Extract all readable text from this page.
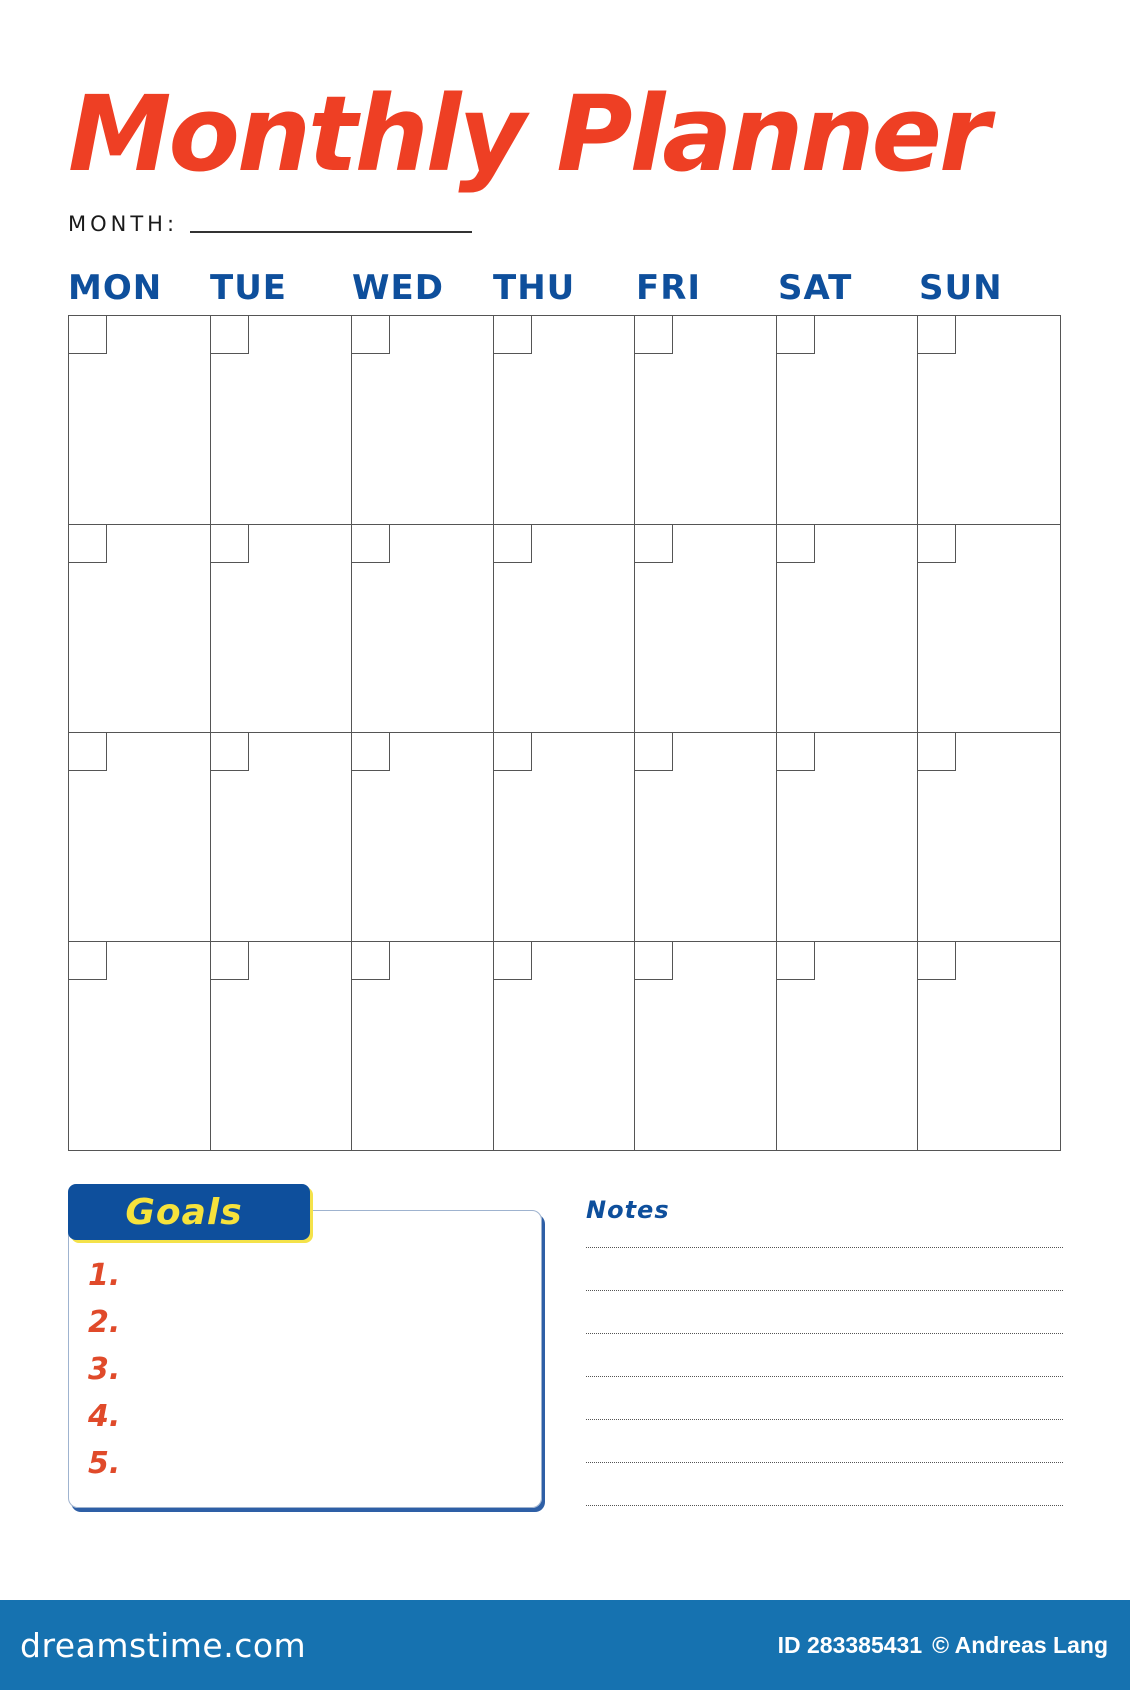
Monthly Planner
MONTH:
MON TUE WED THU FRI SAT SUN
Goals
1.
2.
3.
4.
5.
Notes
dreamstime.com	ID 283385431 © Andreas Lang
